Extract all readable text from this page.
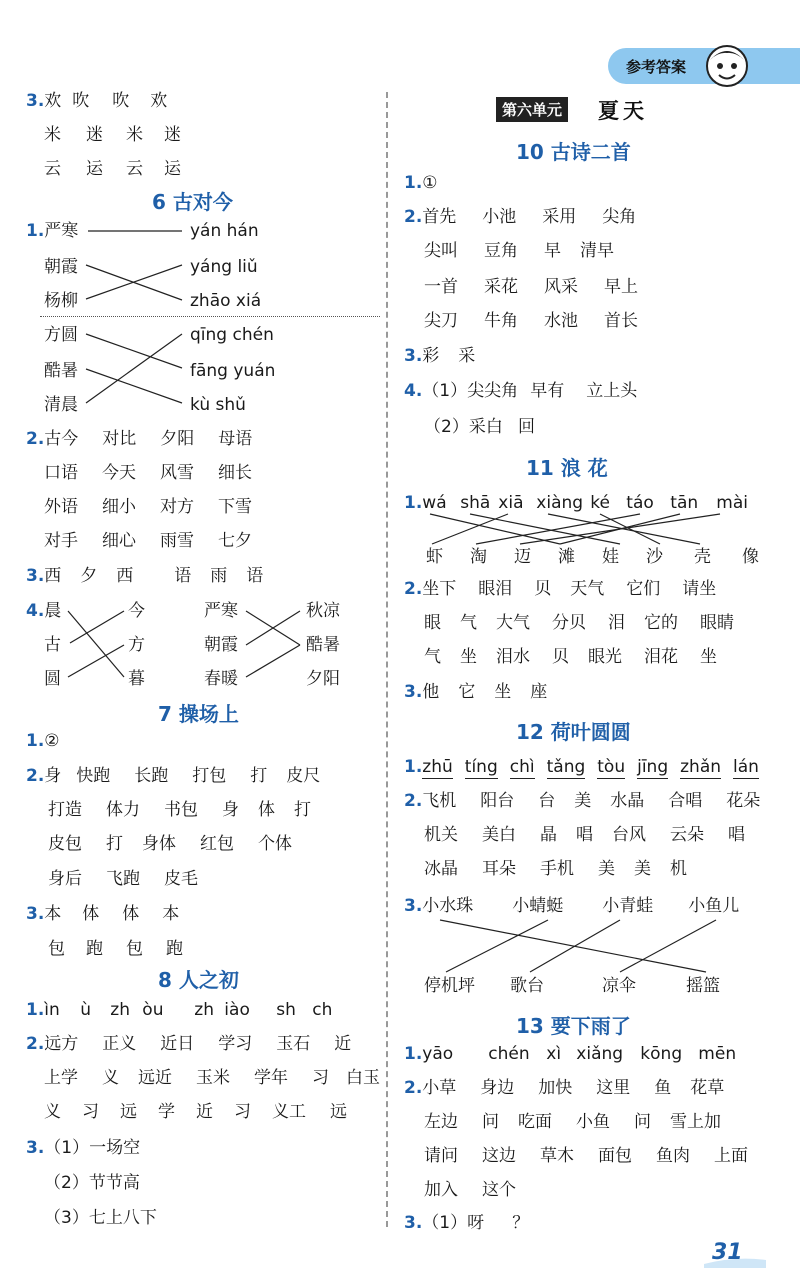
参考答案
3.欢 吹 吹 欢
米 迷 米 迷
云 运 云 运
6 古对今
1.严寒
朝霞
杨柳
yán hán
yáng liǔ
zhāo xiá
方圆
酷暑
清晨
qīng chén
fāng yuán
kù shǔ
2.古今 对比 夕阳 母语
口语 今天 风雪 细长
外语 细小 对方 下雪
对手 细心 雨雪 七夕
3.西 夕 西 语 雨 语
4.晨
古
圆
今
方
暮
严寒
朝霞
春暖
秋凉
酷暑
夕阳
7 操场上
1.②
2.身 快跑 长跑 打包 打 皮尺
打造 体力 书包 身 体 打
皮包 打 身体 红包 个体
身后 飞跑 皮毛
3.本 体 体 本
包 跑 包 跑
8 人之初
1.ìn ù zh òu zh iào sh ch
2.远方 正义 近日 学习 玉石 近
上学 义 远近 玉米 学年 习 白玉
义 习 远 学 近 习 义工 远
3.（1）一场空
（2）节节高
（3）七上八下
第六单元 夏天
10 古诗二首
1.①
2.首先 小池 采用 尖角
尖叫 豆角 早 清早
一首 采花 风采 早上
尖刀 牛角 水池 首长
3.彩 采
4.（1）尖尖角 早有 立上头
（2）采白 回
11 浪 花
1.wá shā xiā xiàng ké táo tān mài
虾 淘 迈 滩 娃 沙 壳 像
2.坐下 眼泪 贝 天气 它们 请坐
眼 气 大气 分贝 泪 它的 眼睛
气 坐 泪水 贝 眼光 泪花 坐
3.他 它 坐 座
12 荷叶圆圆
1.zhū tíng chì tǎng tòu jīng zhǎn lán
2.飞机 阳台 台 美 水晶 合唱 花朵
机关 美白 晶 唱 台风 云朵 唱
冰晶 耳朵 手机 美 美 机
3.小水珠 小蜻蜓 小青蛙 小鱼儿
停机坪 歌台	凉伞	摇篮
13 要下雨了
1.yāo chén xì xiǎng kōng mēn
2.小草 身边 加快 这里 鱼 花草
左边 问 吃面 小鱼 问 雪上加
请问 这边 草木 面包 鱼肉 上面
加入 这个
3.（1）呀 ？
31
